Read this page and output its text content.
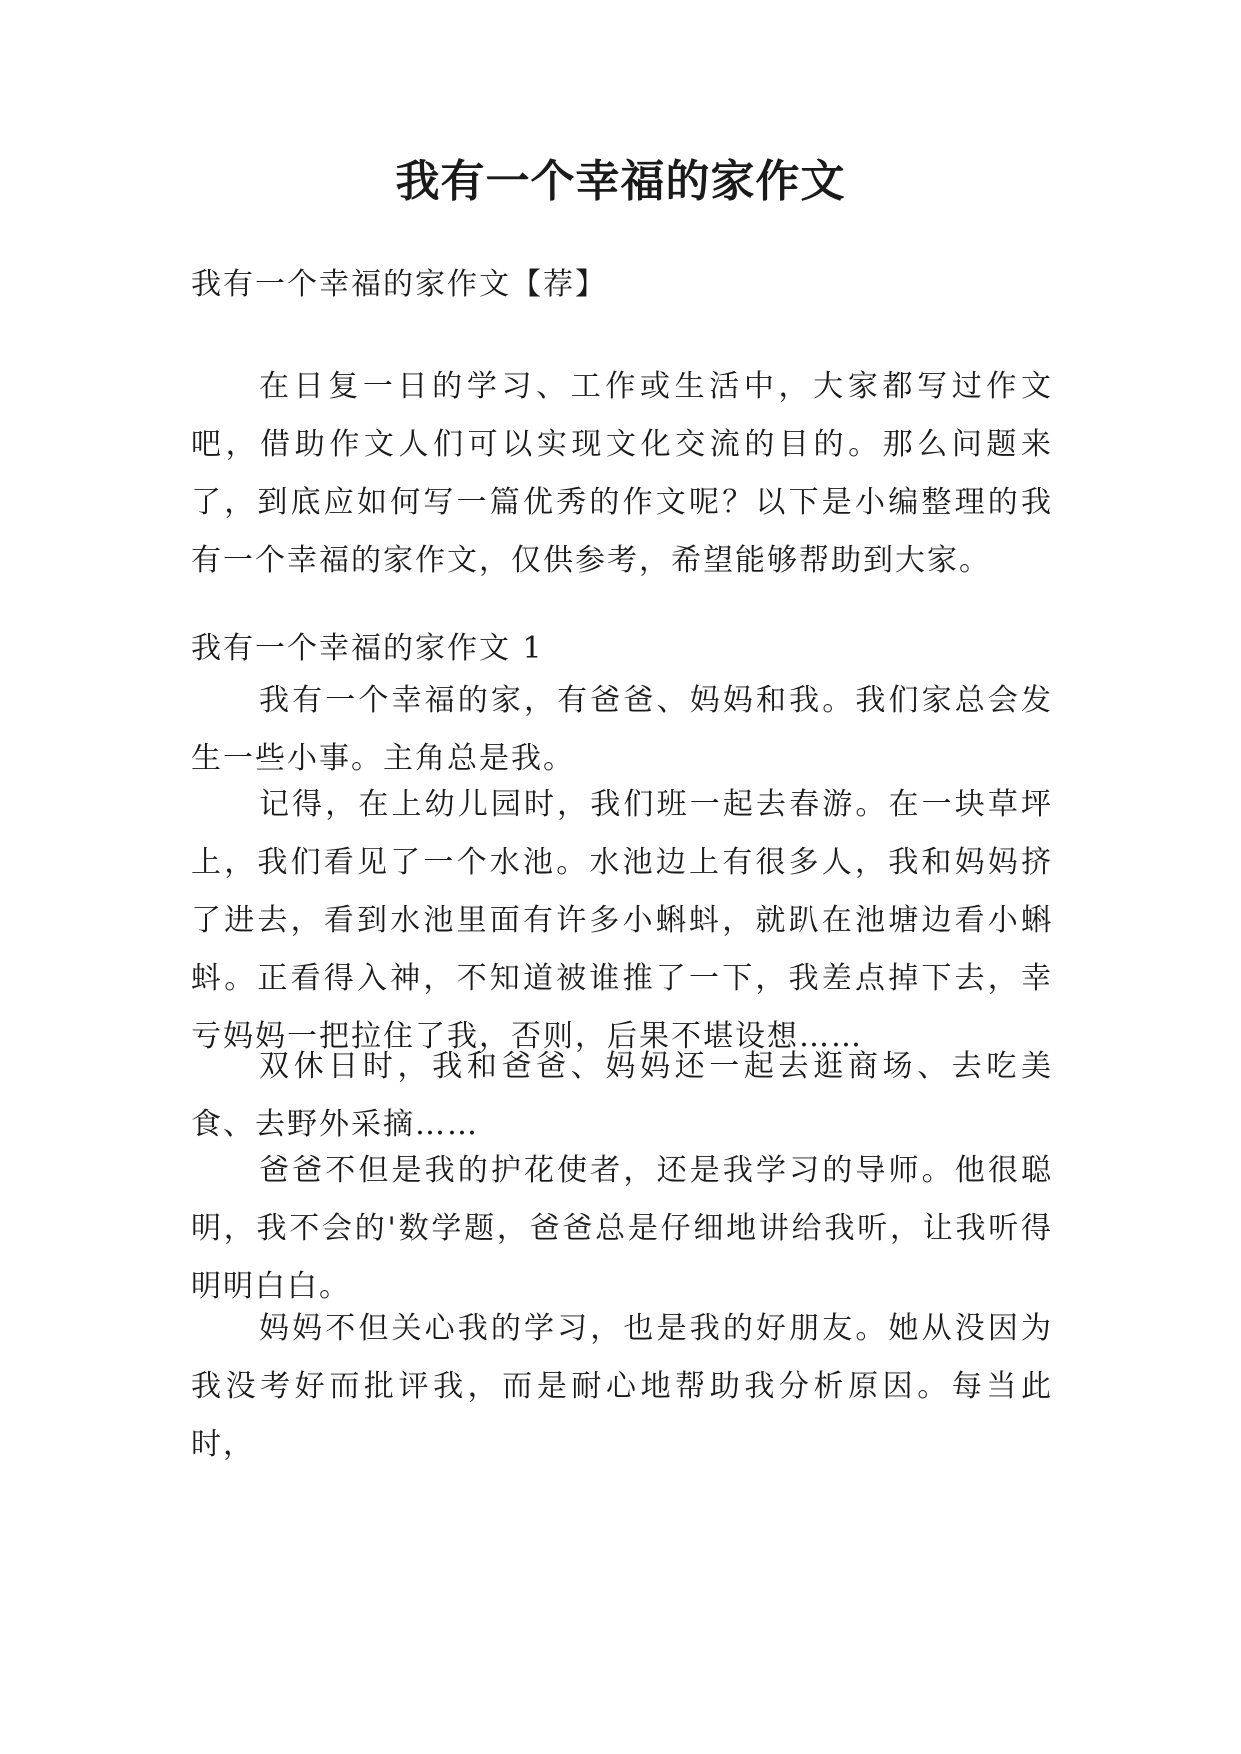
我有一个幸福的家作文

我有一个幸福的家作文【荐】

在日复一日的学习、工作或生活中，大家都写过作文吧，借助作文人们可以实现文化交流的目的。那么问题来了，到底应如何写一篇优秀的作文呢？以下是小编整理的我有一个幸福的家作文，仅供参考，希望能够帮助到大家。

我有一个幸福的家作文 1

我有一个幸福的家，有爸爸、妈妈和我。我们家总会发生一些小事。主角总是我。

记得，在上幼儿园时，我们班一起去春游。在一块草坪上，我们看见了一个水池。水池边上有很多人，我和妈妈挤了进去，看到水池里面有许多小蝌蚪，就趴在池塘边看小蝌蚪。正看得入神，不知道被谁推了一下，我差点掉下去，幸亏妈妈一把拉住了我，否则，后果不堪设想……

双休日时，我和爸爸、妈妈还一起去逛商场、去吃美食、去野外采摘……

爸爸不但是我的护花使者，还是我学习的导师。他很聪明，我不会的'数学题，爸爸总是仔细地讲给我听，让我听得明明白白。

妈妈不但关心我的学习，也是我的好朋友。她从没因为我没考好而批评我，而是耐心地帮助我分析原因。每当此时，
